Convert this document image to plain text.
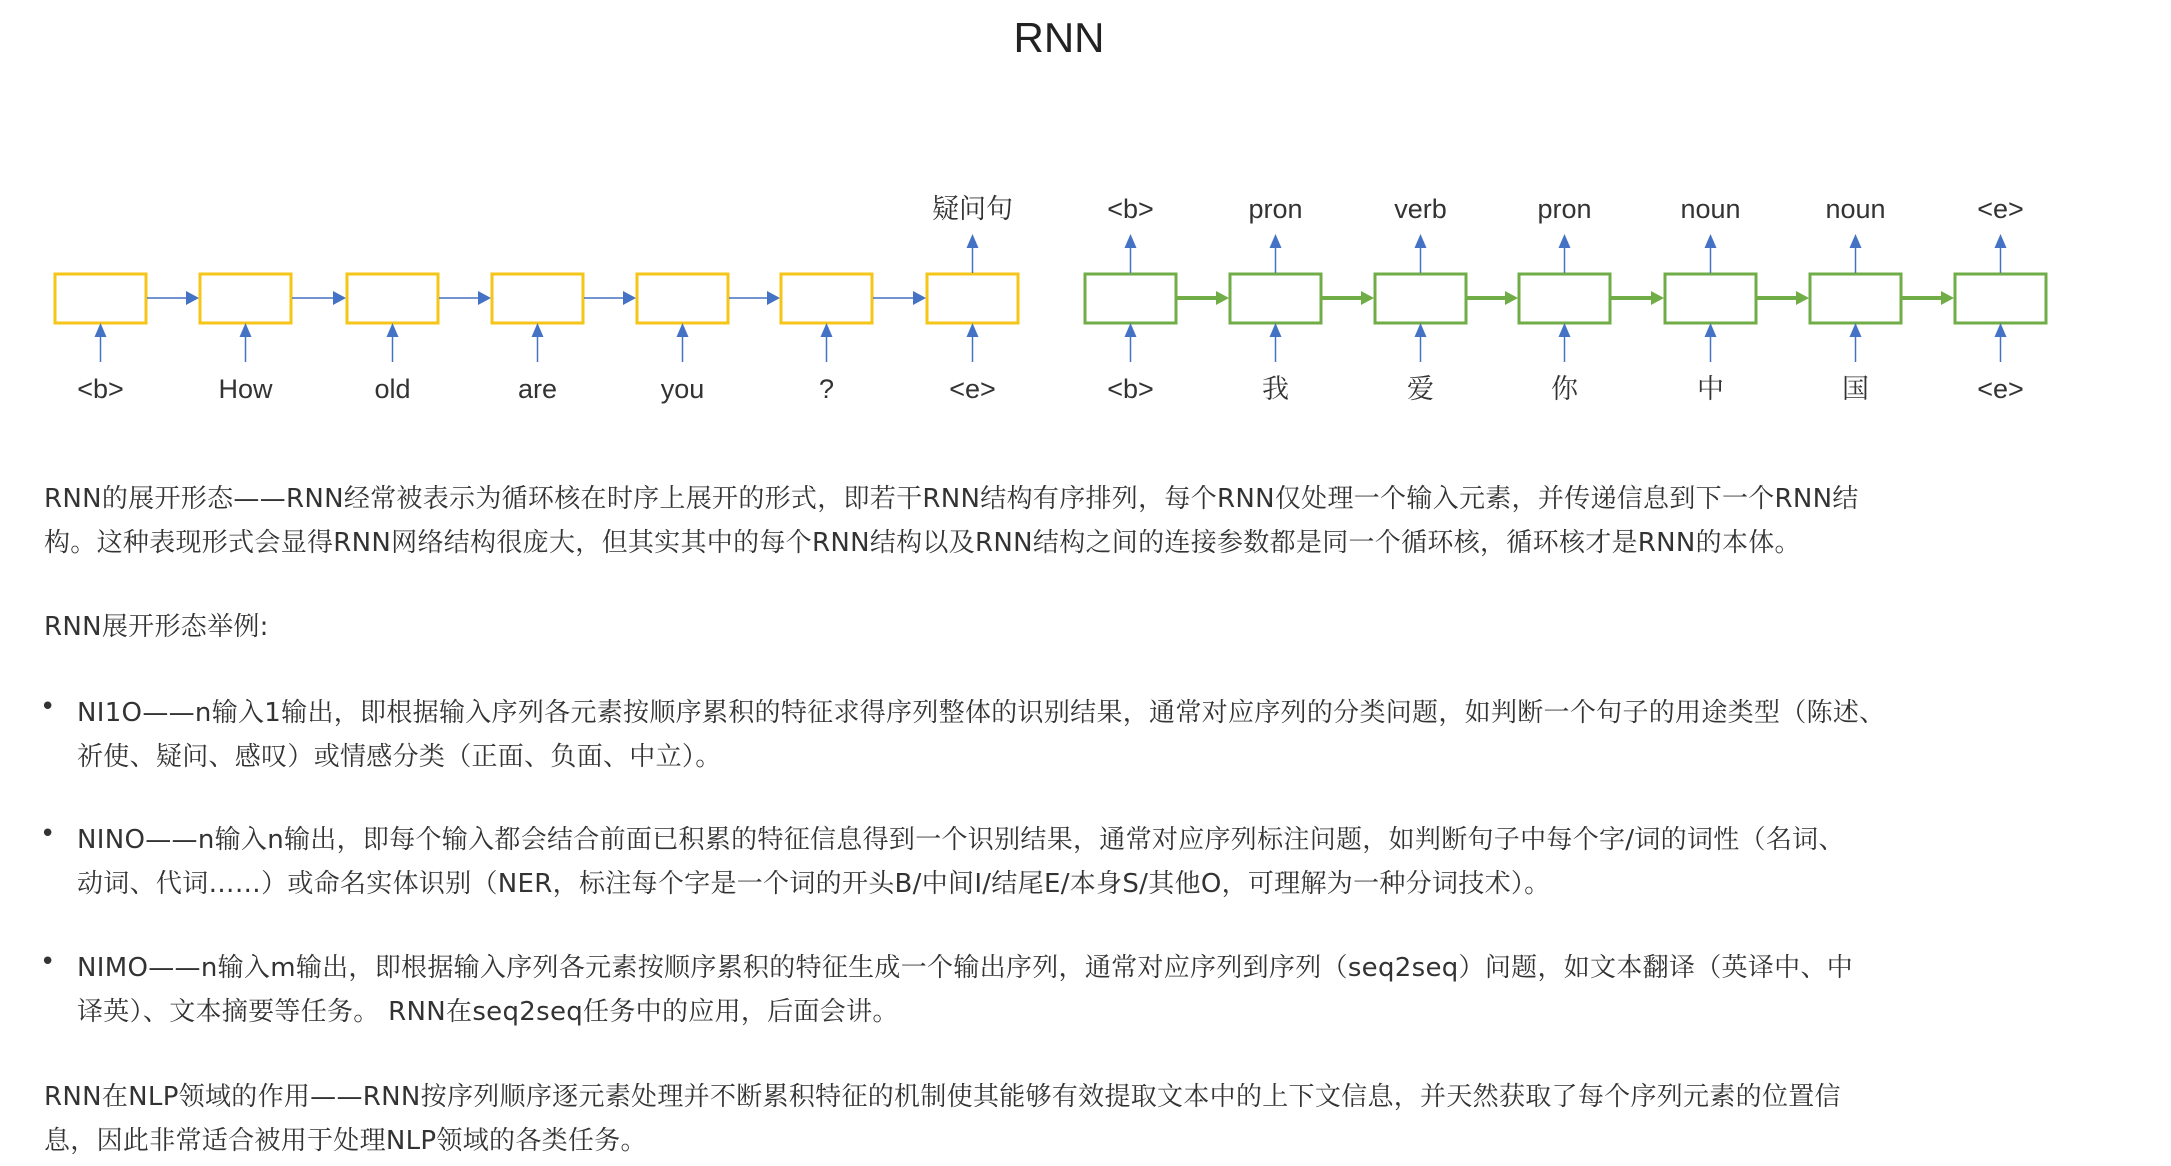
RNN
<b>	How	old	are	you	?	<e>
疑问句
<b>
<b>
我
pron
爱
verb
你
pron
中
noun
国
noun
<e>
<e>
RNN的展开形态——RNN经常被表示为循环核在时序上展开的形式，即若干RNN结构有序排列，每个RNN仅处理一个输入元素，并传递信息到下一个RNN结
构。这种表现形式会显得RNN网络结构很庞大，但其实其中的每个RNN结构以及RNN结构之间的连接参数都是同一个循环核，循环核才是RNN的本体。
RNN展开形态举例:
• NI1O——n输入1输出，即根据输入序列各元素按顺序累积的特征求得序列整体的识别结果，通常对应序列的分类问题，如判断一个句子的用途类型（陈述、
祈使、疑问、感叹）或情感分类（正面、负面、中立）。
• NINO——n输入n输出，即每个输入都会结合前面已积累的特征信息得到一个识别结果，通常对应序列标注问题，如判断句子中每个字/词的词性（名词、
动词、代词……）或命名实体识别（NER，标注每个字是一个词的开头B/中间I/结尾E/本身S/其他O，可理解为一种分词技术）。
• NIMO——n输入m输出，即根据输入序列各元素按顺序累积的特征生成一个输出序列，通常对应序列到序列（seq2seq）问题，如文本翻译（英译中、中
译英）、文本摘要等任务。 RNN在seq2seq任务中的应用，后面会讲。
RNN在NLP领域的作用——RNN按序列顺序逐元素处理并不断累积特征的机制使其能够有效提取文本中的上下文信息，并天然获取了每个序列元素的位置信
息，因此非常适合被用于处理NLP领域的各类任务。
